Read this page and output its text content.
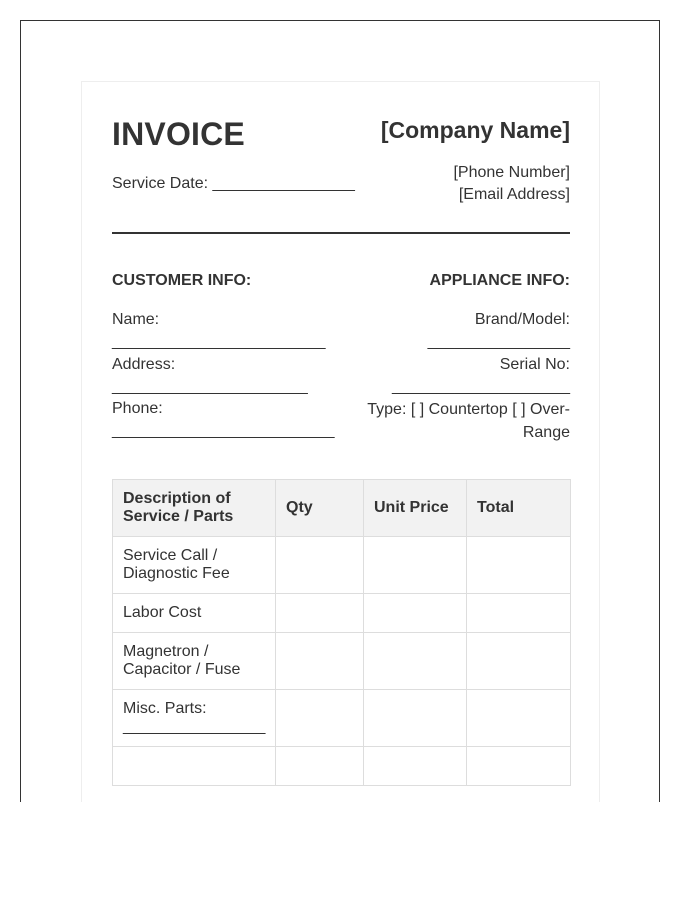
INVOICE	[Company Name]
Service Date: ________________
[Phone Number]
[Email Address]
CUSTOMER INFO:	APPLIANCE INFO:
Name:
________________________
Address:
______________________
Phone:
_________________________
Brand/Model:
________________
Serial No:
____________________
Type: [ ] Countertop [ ] Over-Range
Description of Service / Parts	Qty	Unit Price	Total
Service Call / Diagnostic Fee			
Labor Cost			
Magnetron / Capacitor / Fuse			
Misc. Parts: ________________			
